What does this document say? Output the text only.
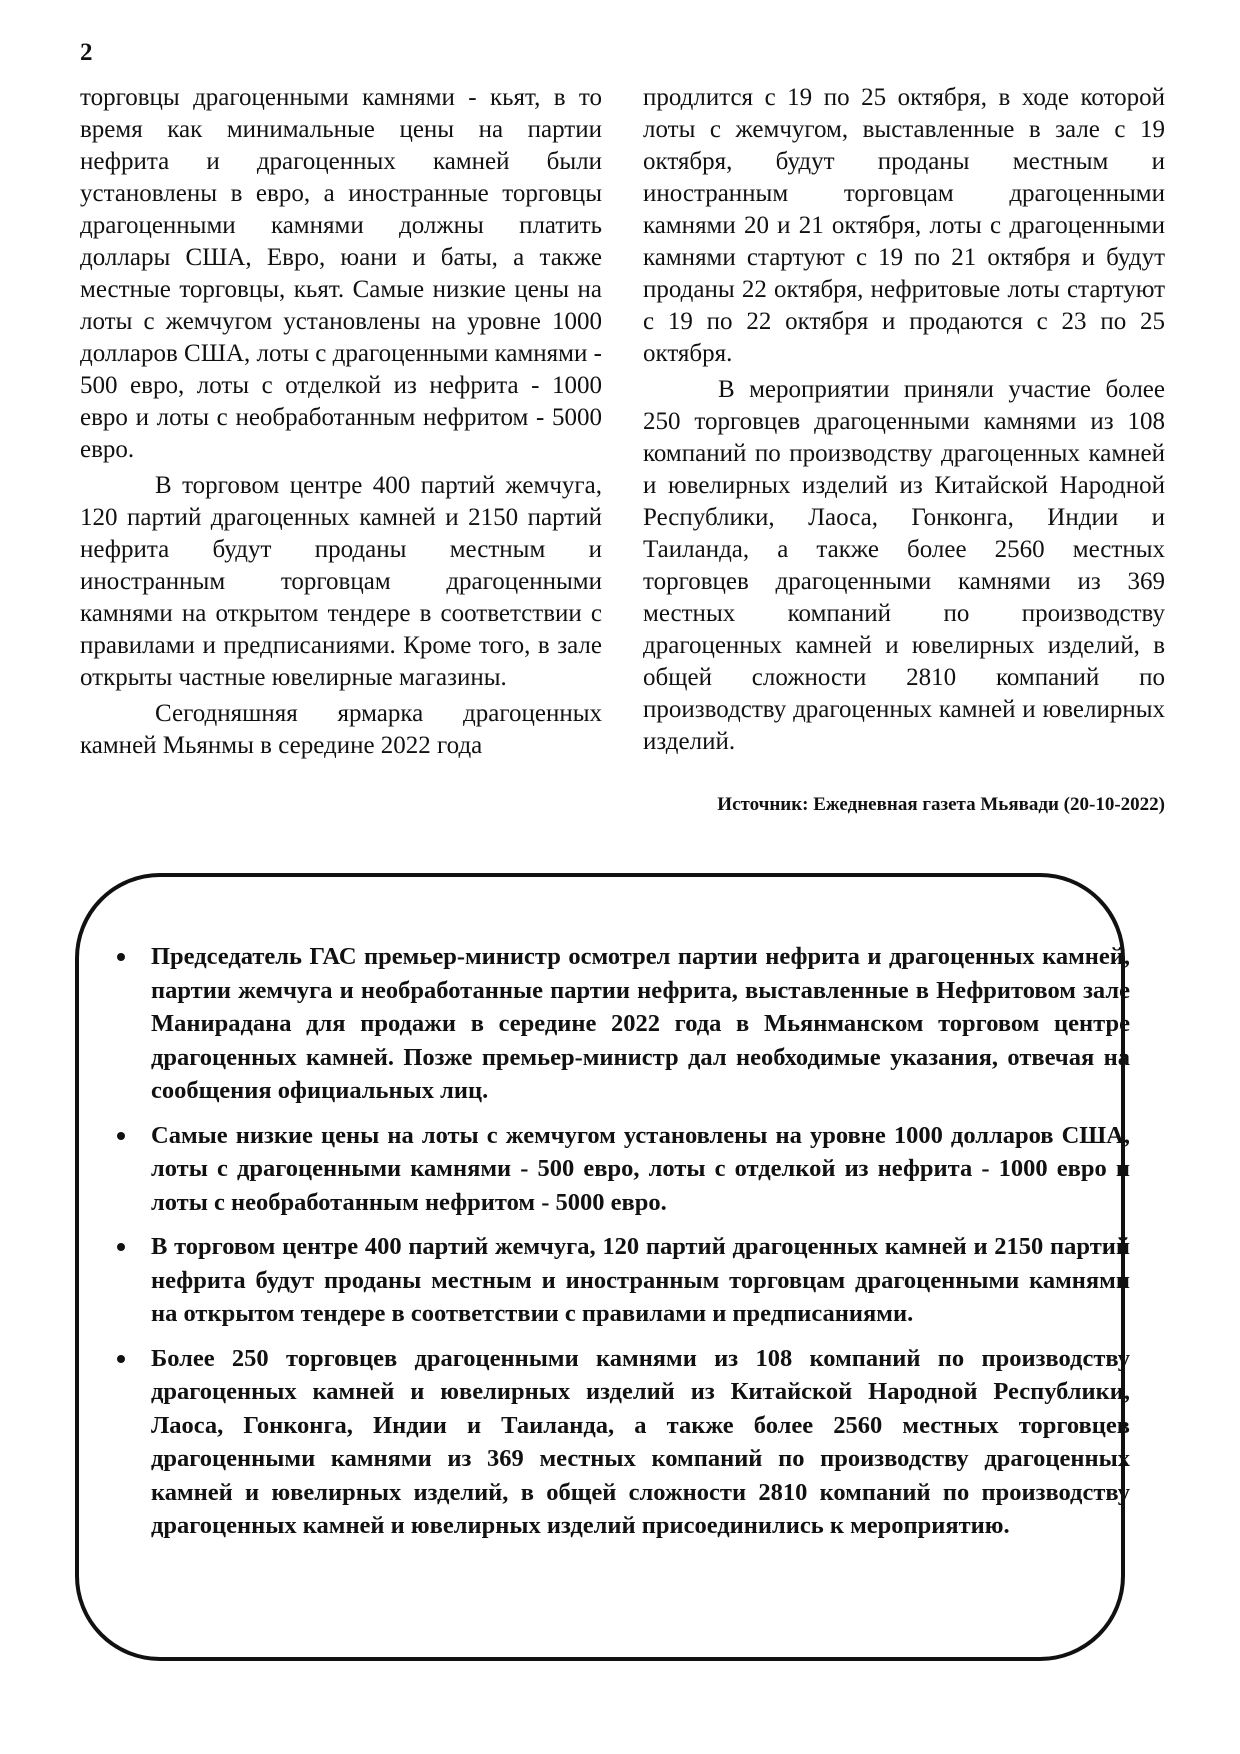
2

торговцы драгоценными камнями - кьят, в то время как минимальные цены на партии нефрита и драгоценных камней были установлены в евро, а иностранные торговцы драгоценными камнями должны платить доллары США, Евро, юани и баты, а также местные торговцы, кьят. Самые низкие цены на лоты с жемчугом установлены на уровне 1000 долларов США, лоты с драгоценными камнями - 500 евро, лоты с отделкой из нефрита - 1000 евро и лоты с необработанным нефритом - 5000 евро.

В торговом центре 400 партий жемчуга, 120 партий драгоценных камней и 2150 партий нефрита будут проданы местным и иностранным торговцам драгоценными камнями на открытом тендере в соответствии с правилами и предписаниями. Кроме того, в зале открыты частные ювелирные магазины.

Сегодняшняя ярмарка драгоценных камней Мьянмы в середине 2022 года

продлится с 19 по 25 октября, в ходе которой лоты с жемчугом, выставленные в зале с 19 октября, будут проданы местным и иностранным торговцам драгоценными камнями 20 и 21 октября, лоты с драгоценными камнями стартуют с 19 по 21 октября и будут проданы 22 октября, нефритовые лоты стартуют с 19 по 22 октября и продаются с 23 по 25 октября.

В мероприятии приняли участие более 250 торговцев драгоценными камнями из 108 компаний по производству драгоценных камней и ювелирных изделий из Китайской Народной Республики, Лаоса, Гонконга, Индии и Таиланда, а также более 2560 местных торговцев драгоценными камнями из 369 местных компаний по производству драгоценных камней и ювелирных изделий, в общей сложности 2810 компаний по производству драгоценных камней и ювелирных изделий.

Источник: Ежедневная газета Мьявади (20-10-2022)
Председатель ГАС премьер-министр осмотрел партии нефрита и драгоценных камней, партии жемчуга и необработанные партии нефрита, выставленные в Нефритовом зале Манирадана для продажи в середине 2022 года в Мьянманском торговом центре драгоценных камней. Позже премьер-министр дал необходимые указания, отвечая на сообщения официальных лиц.
Самые низкие цены на лоты с жемчугом установлены на уровне 1000 долларов США, лоты с драгоценными камнями - 500 евро, лоты с отделкой из нефрита - 1000 евро и лоты с необработанным нефритом - 5000 евро.
В торговом центре 400 партий жемчуга, 120 партий драгоценных камней и 2150 партий нефрита будут проданы местным и иностранным торговцам драгоценными камнями на открытом тендере в соответствии с правилами и предписаниями.
Более 250 торговцев драгоценными камнями из 108 компаний по производству драгоценных камней и ювелирных изделий из Китайской Народной Республики, Лаоса, Гонконга, Индии и Таиланда, а также более 2560 местных торговцев драгоценными камнями из 369 местных компаний по производству драгоценных камней и ювелирных изделий, в общей сложности 2810 компаний по производству драгоценных камней и ювелирных изделий присоединились к мероприятию.
